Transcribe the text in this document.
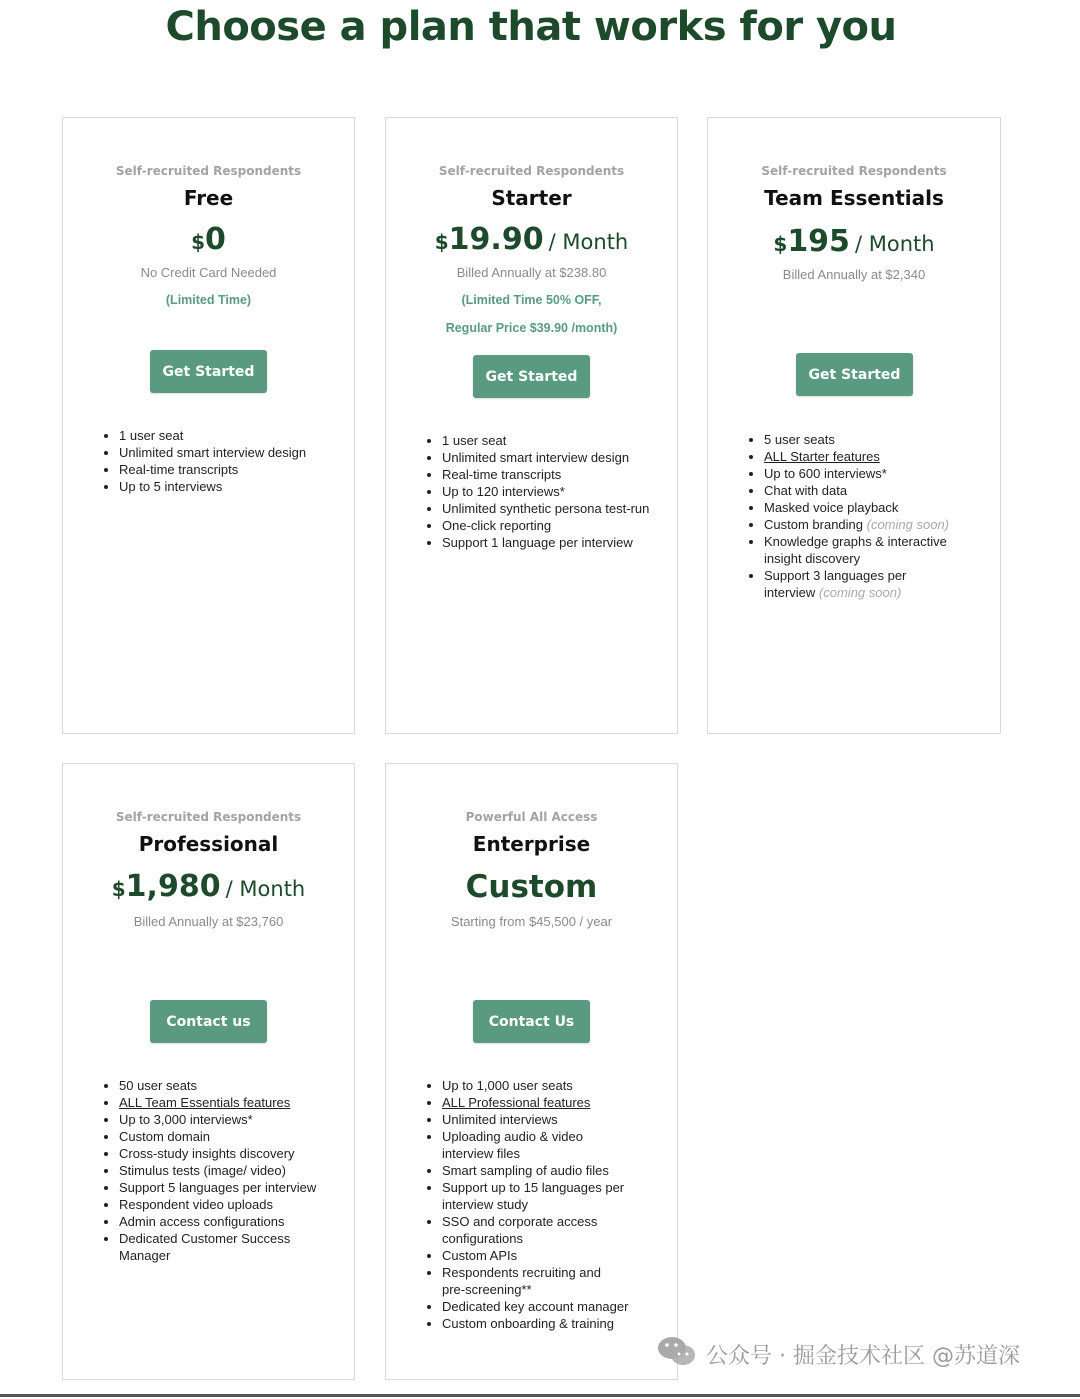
Choose a plan that works for you
Self-recruited Respondents
Free
$0
No Credit Card Needed
(Limited Time)
Get Started
• 1 user seat
• Unlimited smart interview design
• Real-time transcripts
• Up to 5 interviews
Self-recruited Respondents
Starter
$19.90 / Month
Billed Annually at $238.80
(Limited Time 50% OFF,
Regular Price $39.90 /month)
Get Started
• 1 user seat
• Unlimited smart interview design
• Real-time transcripts
• Up to 120 interviews*
• Unlimited synthetic persona test-run
• One-click reporting
• Support 1 language per interview
Self-recruited Respondents
Team Essentials
$195 / Month
Billed Annually at $2,340
Get Started
• 5 user seats
• ALL Starter features
• Up to 600 interviews*
• Chat with data
• Masked voice playback
• Custom branding (coming soon)
• Knowledge graphs & interactive insight discovery
• Support 3 languages per interview (coming soon)
Self-recruited Respondents
Professional
$1,980 / Month
Billed Annually at $23,760
Contact us
• 50 user seats
• ALL Team Essentials features
• Up to 3,000 interviews*
• Custom domain
• Cross-study insights discovery
• Stimulus tests (image/ video)
• Support 5 languages per interview
• Respondent video uploads
• Admin access configurations
• Dedicated Customer Success Manager
Powerful All Access
Enterprise
Custom
Starting from $45,500 / year
Contact Us
• Up to 1,000 user seats
• ALL Professional features
• Unlimited interviews
• Uploading audio & video interview files
• Smart sampling of audio files
• Support up to 15 languages per interview study
• SSO and corporate access configurations
• Custom APIs
• Respondents recruiting and pre-screening**
• Dedicated key account manager
• Custom onboarding & training
公众号 · 掘金技术社区 @苏道深
